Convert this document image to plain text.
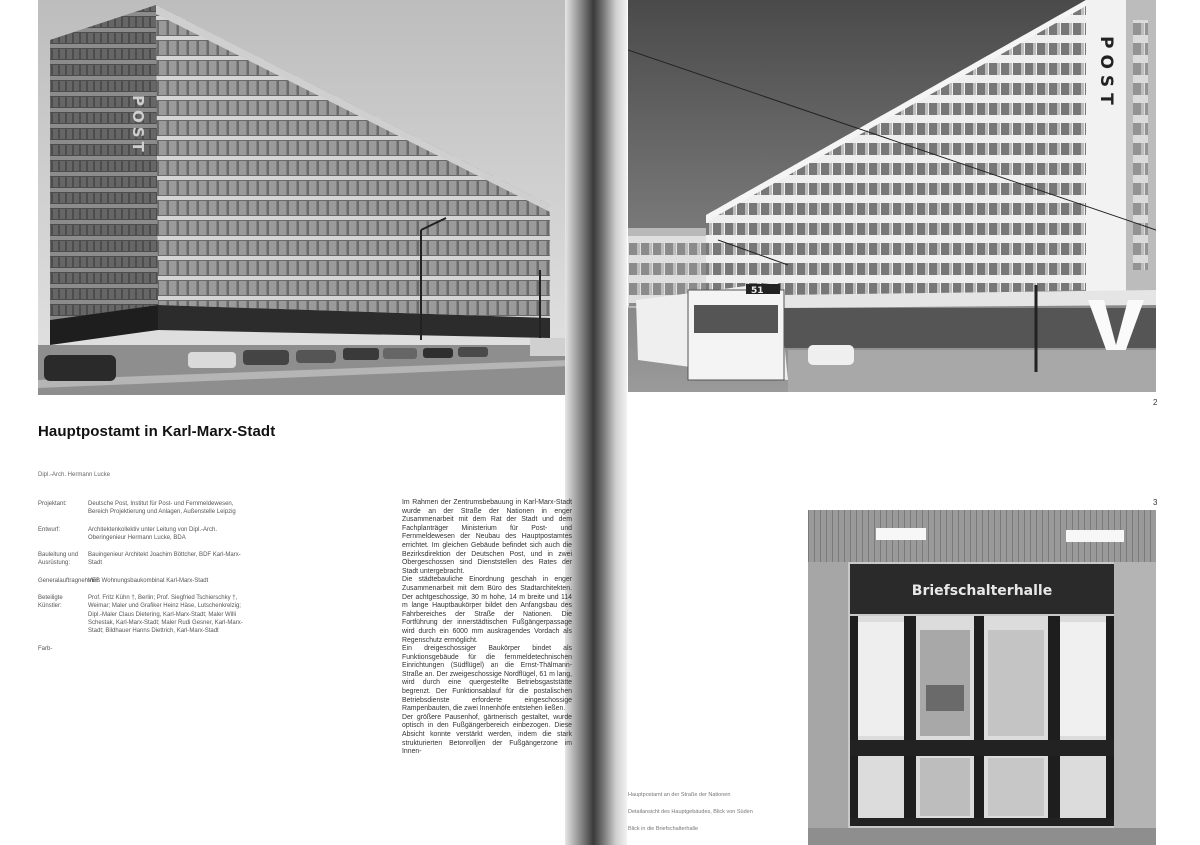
POST
POST
51
2
Hauptpostamt in Karl-Marx-Stadt
Dipl.-Arch. Hermann Lucke
Projektant:	Deutsche Post, Institut für Post- und Fernmeldewesen, Bereich Projektierung und Anlagen, Außenstelle Leipzig
Entwurf:	Architektenkollektiv unter Leitung von Dipl.-Arch. Oberingenieur Hermann Lucke, BDA
Bauleitung und Ausrüstung:
Bauingenieur Architekt Joachim Böttcher, BDF Karl-Marx-Stadt
Generalauftragnehmer:
VEB Wohnungsbaukombinat Karl-Marx-Stadt
Beteiligte Künstler:
Prof. Fritz Kühn †, Berlin; Prof. Siegfried Tschierschky †, Weimar; Maler und Grafiker Heinz Häse, Lutschenkrelzig; Dipl.-Maler Claus Dietering, Karl-Marx-Stadt; Maler Willi Schestak, Karl-Marx-Stadt; Maler Rudi Gesner, Karl-Marx-Stadt; Bildhauer Hanns Diettrich, Karl-Marx-Stadt
Farb-

Im Rahmen der Zentrumsbebauung in Karl-Marx-Stadt wurde an der Straße der Nationen in enger Zusammenarbeit mit dem Rat der Stadt und dem Fachplanträger Ministerium für Post- und Fernmeldewesen der Neubau des Hauptpostamtes errichtet. Im gleichen Gebäude befindet sich auch die Bezirksdirektion der Deutschen Post, und in zwei Obergeschossen sind Dienststellen des Rates der Stadt untergebracht.

Die städtebauliche Einordnung geschah in enger Zusammenarbeit mit dem Büro des Stadtarchitekten. Der achtgeschossige, 30 m hohe, 14 m breite und 114 m lange Hauptbaukörper bildet den Anfangsbau des Fahrbereiches der Straße der Nationen. Die Fortführung der innerstädtischen Fußgängerpassage wird durch ein 6000 mm auskragendes Vordach als Regenschutz ermöglicht.

Ein dreigeschossiger Baukörper bindet als Funktionsgebäude für die fernmeldetechnischen Einrichtungen (Südflügel) an die Ernst-Thälmann-Straße an. Der zweigeschossige Nordflügel, 61 m lang, wird durch eine quergestellte Betriebsgaststätte begrenzt. Der Funktionsablauf für die postalischen Betriebsdienste erforderte eingeschossige Rampenbauten, die zwei Innenhöfe entstehen ließen.

Der größere Pausenhof, gärtnerisch gestaltet, wurde optisch in den Fußgängerbereich einbezogen. Diese Absicht konnte verstärkt werden, indem die stark strukturierten Betonrolljen der Fußgängerzone im Innen-

3
Briefschalterhalle
Hauptpostamt an der Straße der Nationen
Detailansicht des Hauptgebäudes, Blick von Süden
Blick in die Briefschalterhalle
